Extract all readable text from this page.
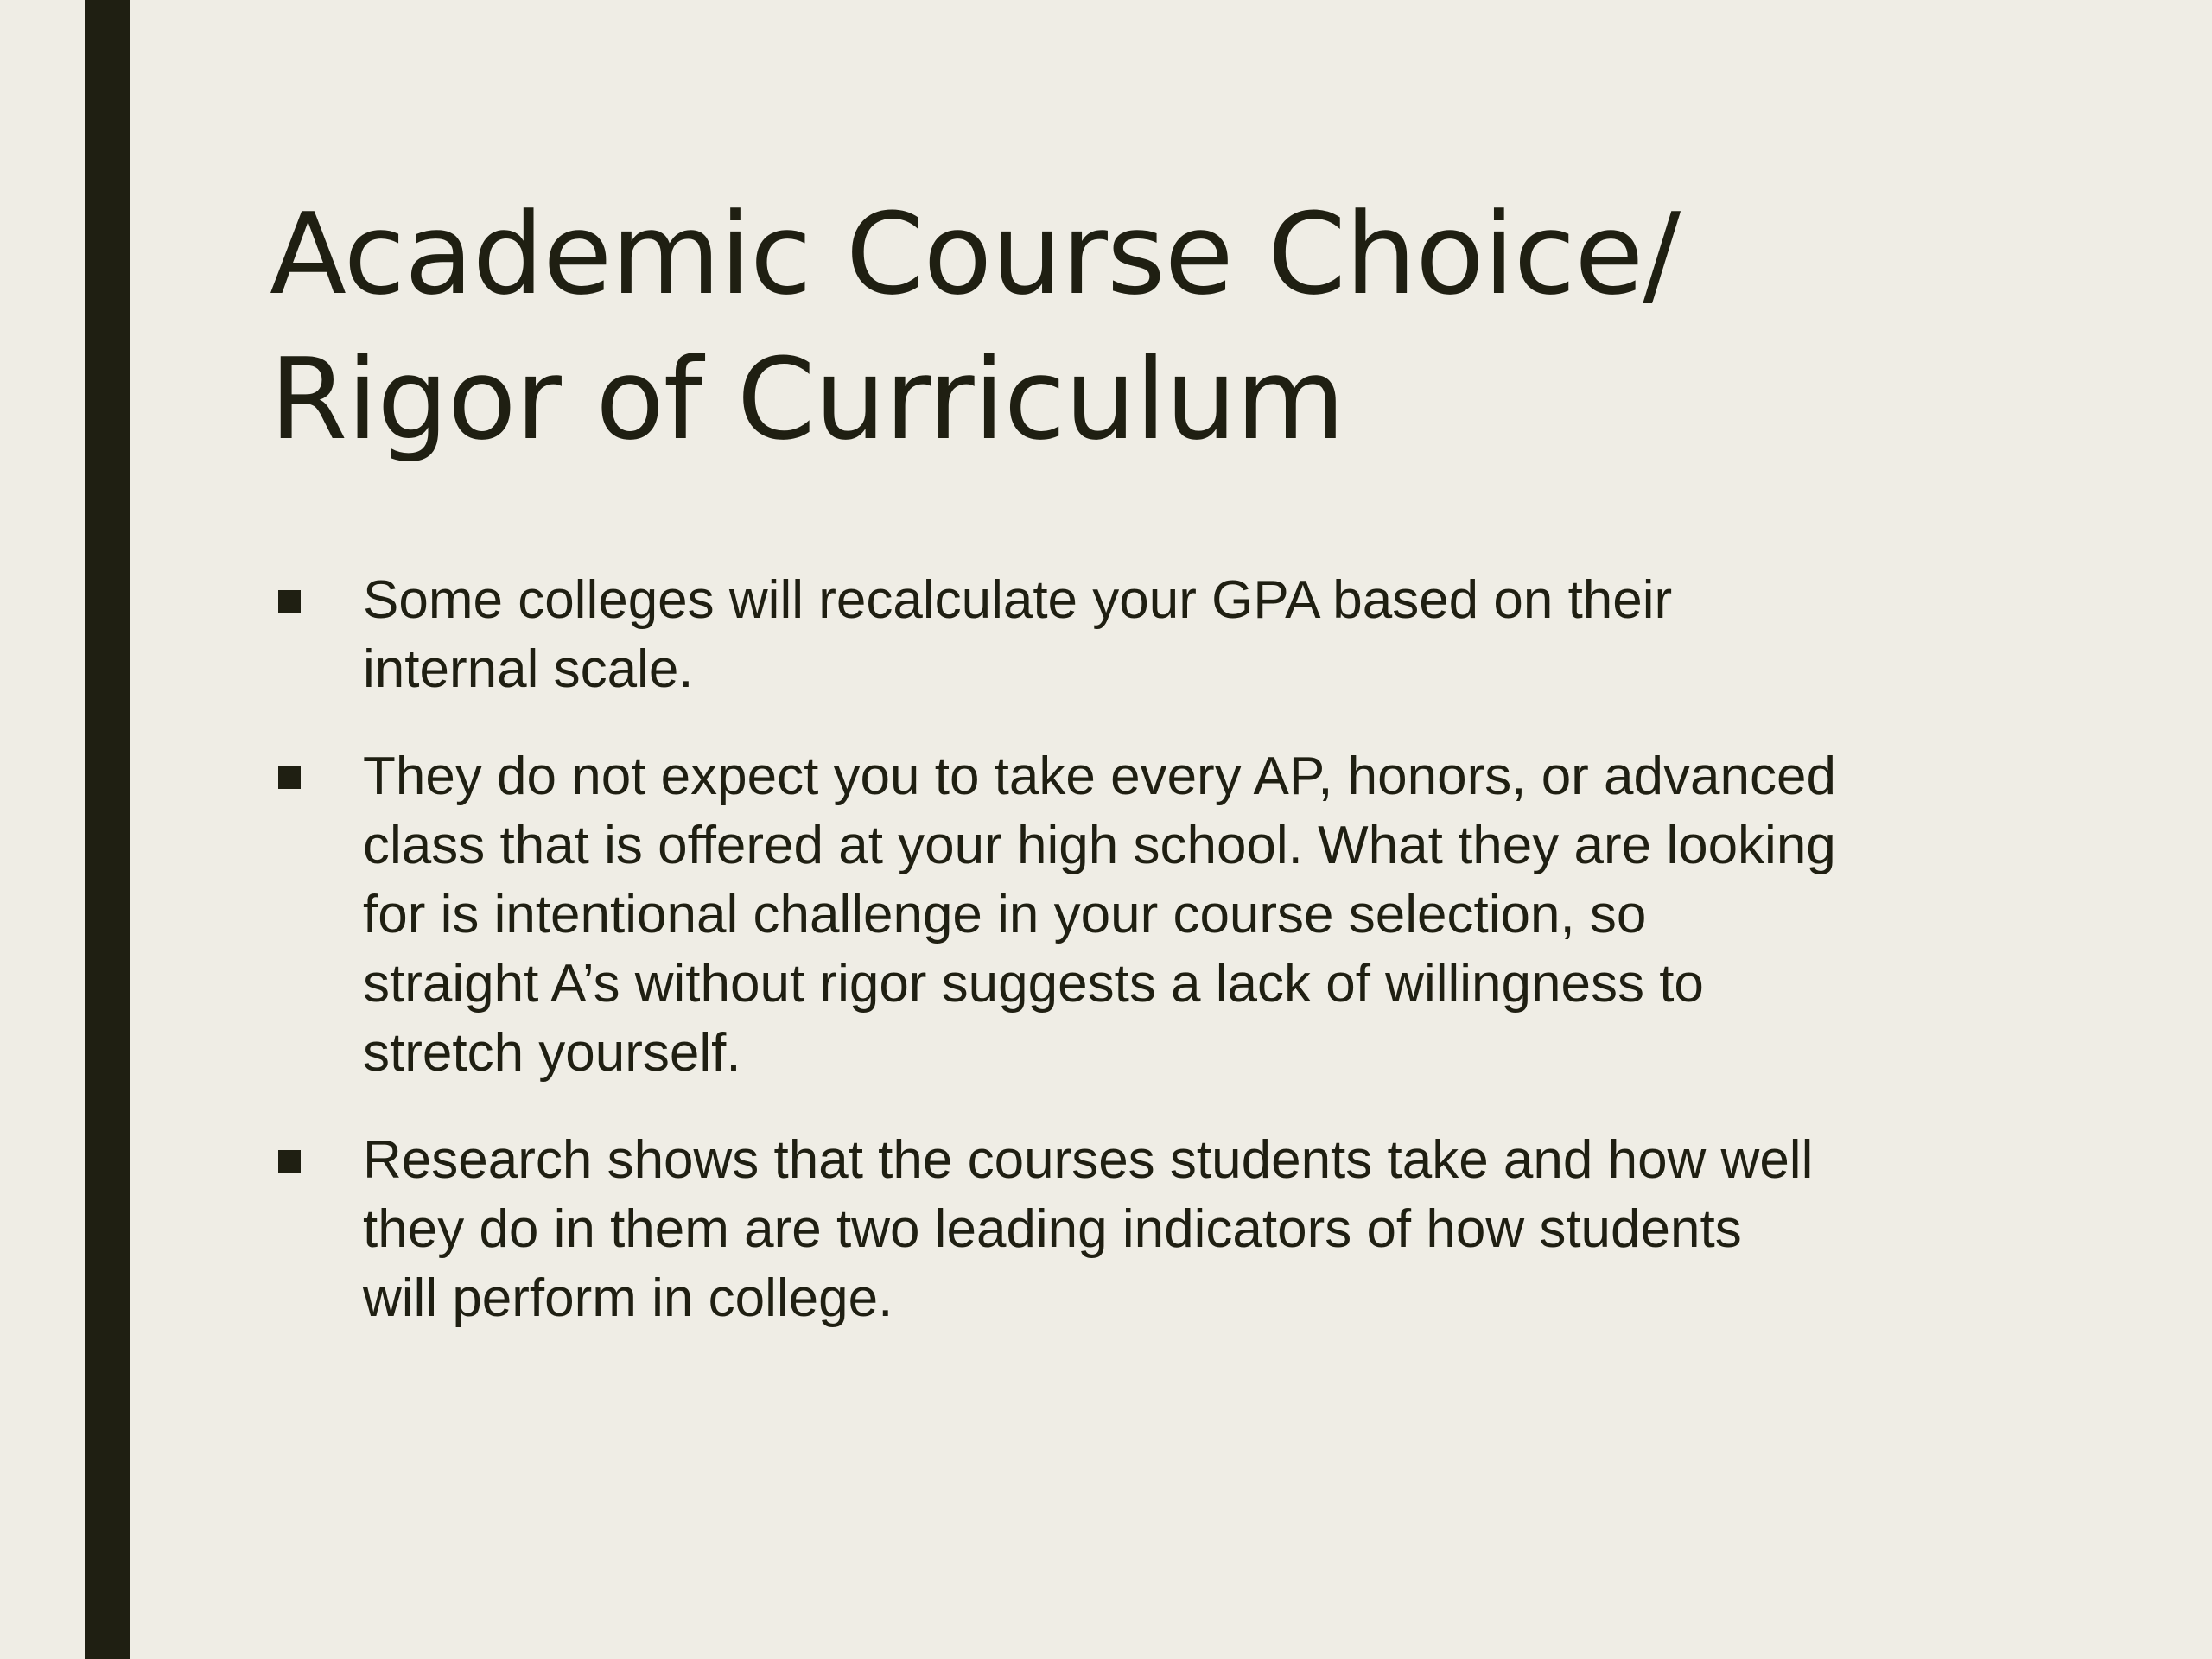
Academic Course Choice/
Rigor of Curriculum
Some colleges will recalculate your GPA based on their
internal scale.
They do not expect you to take every AP, honors, or advanced
class that is offered at your high school. What they are looking
for is intentional challenge in your course selection, so
straight A’s without rigor suggests a lack of willingness to
stretch yourself.
Research shows that the courses students take and how well
they do in them are two leading indicators of how students
will perform in college.
